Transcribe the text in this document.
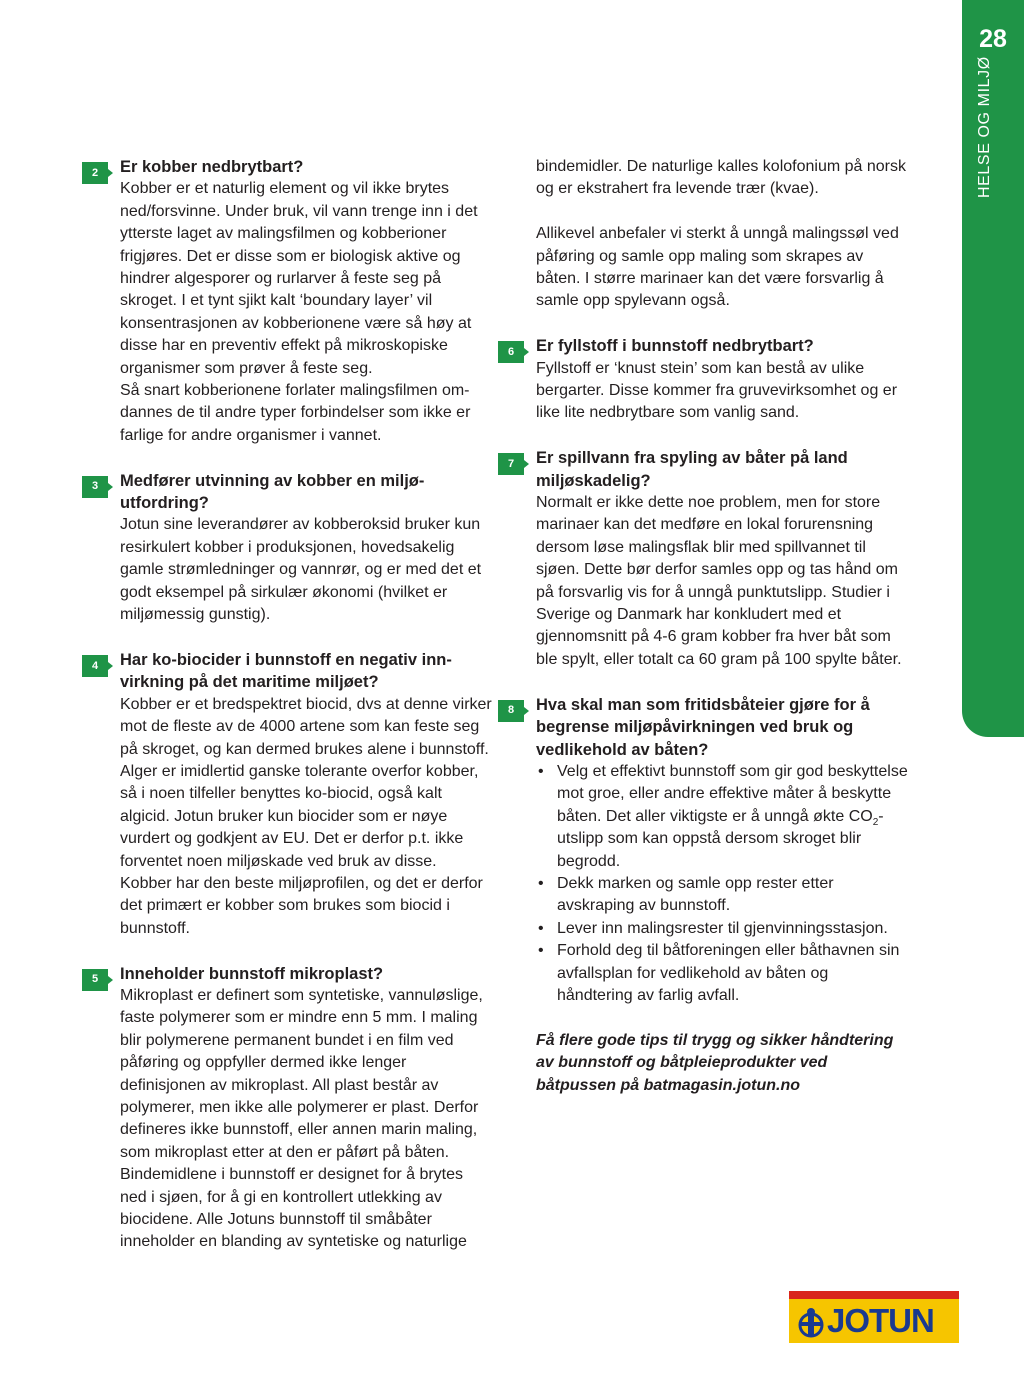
28
HELSE OG MILJØ
2	Er kobber nedbrytbart?

Kobber er et naturlig element og vil ikke brytes ned/forsvinne. Under bruk, vil vann trenge inn i det ytterste laget av malingsfilmen og kobberioner frigjøres. Det er disse som er biologisk aktive og hindrer algesporer og rurlarver å feste seg på skroget. I et tynt sjikt kalt ‘boundary layer’ vil konsentrasjonen av kobberionene være så høy at disse har en preventiv effekt på mikroskopiske organismer som prøver å feste seg.

Så snart kobberionene forlater malingsfilmen omdannes de til andre typer forbindelser som ikke er farlige for andre organismer i vannet.

3	Medfører utvinning av kobber en miljøutfordring?

Jotun sine leverandører av kobberoksid bruker kun resirkulert kobber i produksjonen, hovedsakelig gamle strømledninger og vannrør, og er med det et godt eksempel på sirkulær økonomi (hvilket er miljømessig gunstig).

4	Har ko-biocider i bunnstoff en negativ innvirkning på det maritime miljøet?

Kobber er et bredspektret biocid, dvs at denne virker mot de fleste av de 4000 artene som kan feste seg på skroget, og kan dermed brukes alene i bunnstoff. Alger er imidlertid ganske tolerante overfor kobber, så i noen tilfeller benyttes ko-biocid, også kalt algicid. Jotun bruker kun biocider som er nøye vurdert og godkjent av EU. Det er derfor p.t. ikke forventet noen miljøskade ved bruk av disse. Kobber har den beste miljøprofilen, og det er derfor det primært er kobber som brukes som biocid i bunnstoff.

5	Inneholder bunnstoff mikroplast?

Mikroplast er definert som syntetiske, vannuløslige, faste polymerer som er mindre enn 5 mm. I maling blir polymerene permanent bundet i en film ved påføring og oppfyller dermed ikke lenger definisjonen av mikroplast. All plast består av polymerer, men ikke alle polymerer er plast. Derfor defineres ikke bunnstoff, eller annen marin maling, som mikroplast etter at den er påført på båten.

Bindemidlene i bunnstoff er designet for å brytes ned i sjøen, for å gi en kontrollert utlekking av biocidene. Alle Jotuns bunnstoff til småbåter inneholder en blanding av syntetiske og naturlige

bindemidler. De naturlige kalles kolofonium på norsk og er ekstrahert fra levende trær (kvae).

Allikevel anbefaler vi sterkt å unngå malingssøl ved påføring og samle opp maling som skrapes av båten. I større marinaer kan det være forsvarlig å samle opp spylevann også.

6	Er fyllstoff i bunnstoff nedbrytbart?

Fyllstoff er ‘knust stein’ som kan bestå av ulike bergarter. Disse kommer fra gruvevirksomhet og er like lite nedbrytbare som vanlig sand.

7	Er spillvann fra spyling av båter på land miljøskadelig?

Normalt er ikke dette noe problem, men for store marinaer kan det medføre en lokal forurensning dersom løse malingsflak blir med spillvannet til sjøen. Dette bør derfor samles opp og tas hånd om på forsvarlig vis for å unngå punktutslipp. Studier i Sverige og Danmark har konkludert med et gjennomsnitt på 4-6 gram kobber fra hver båt som ble spylt, eller totalt ca 60 gram på 100 spylte båter.

8	Hva skal man som fritidsbåteier gjøre for å begrense miljøpåvirkningen ved bruk og vedlikehold av båten?

• Velg et effektivt bunnstoff som gir god beskyttelse mot groe, eller andre effektive måter å beskytte båten. Det aller viktigste er å unngå økte $CO_2$-utslipp som kan oppstå dersom skroget blir begrodd.
• Dekk marken og samle opp rester etter avskraping av bunnstoff.
• Lever inn malingsrester til gjenvinningsstasjon.
• Forhold deg til båtforeningen eller båthavnen sin avfallsplan for vedlikehold av båten og håndtering av farlig avfall.

Få flere gode tips til trygg og sikker håndtering av bunnstoff og båtpleieprodukter ved båtpussen på batmagasin.jotun.no

JOTUN
